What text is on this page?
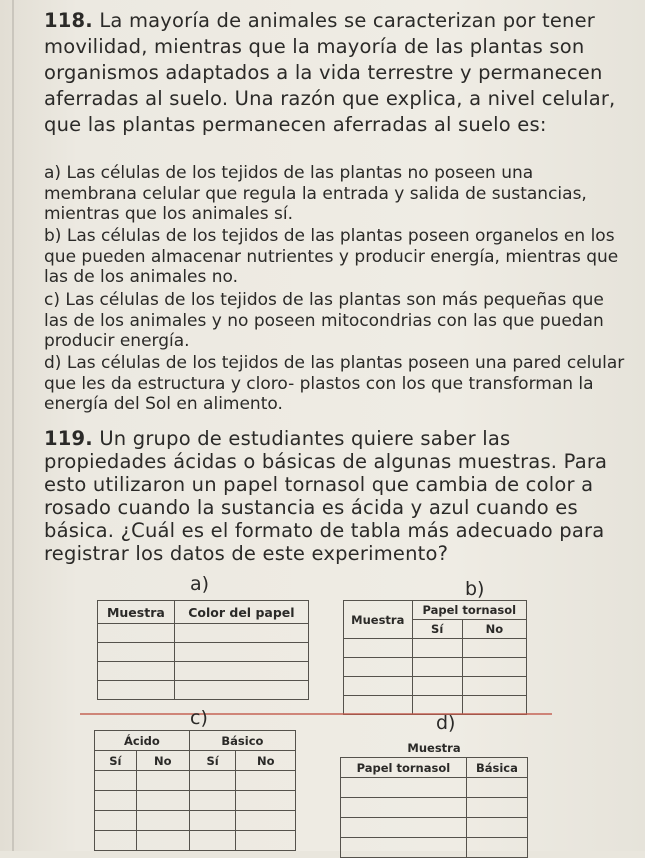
118. La mayoría de animales se caracterizan por tener movilidad, mientras que la mayoría de las plantas son organismos adaptados a la vida terrestre y permanecen aferradas al suelo. Una razón que explica, a nivel celular, que las plantas permanecen aferradas al suelo es:
a) Las células de los tejidos de las plantas no poseen una membrana celular que regula la entrada y salida de sustancias, mientras que los animales sí.
b) Las células de los tejidos de las plantas poseen organelos en los que pueden almacenar nutrientes y producir energía, mientras que las de los animales no.
c) Las células de los tejidos de las plantas son más pequeñas que las de los animales y no poseen mitocondrias con las que puedan producir energía.
d) Las células de los tejidos de las plantas poseen una pared celular que les da estructura y cloro- plastos con los que transforman la energía del Sol en alimento.
119. Un grupo de estudiantes quiere saber las propiedades ácidas o básicas de algunas muestras. Para esto utilizaron un papel tornasol que cambia de color a rosado cuando la sustancia es ácida y azul cuando es básica. ¿Cuál es el formato de tabla más adecuado para registrar los datos de este experimento?
a)
Muestra	Color del papel

b)
Muestra	Papel tornasol	
	Sí	No

c)
Ácido		Básico	
Sí	No	Sí	No

d)
Muestra	
Papel tornasol	Básica
